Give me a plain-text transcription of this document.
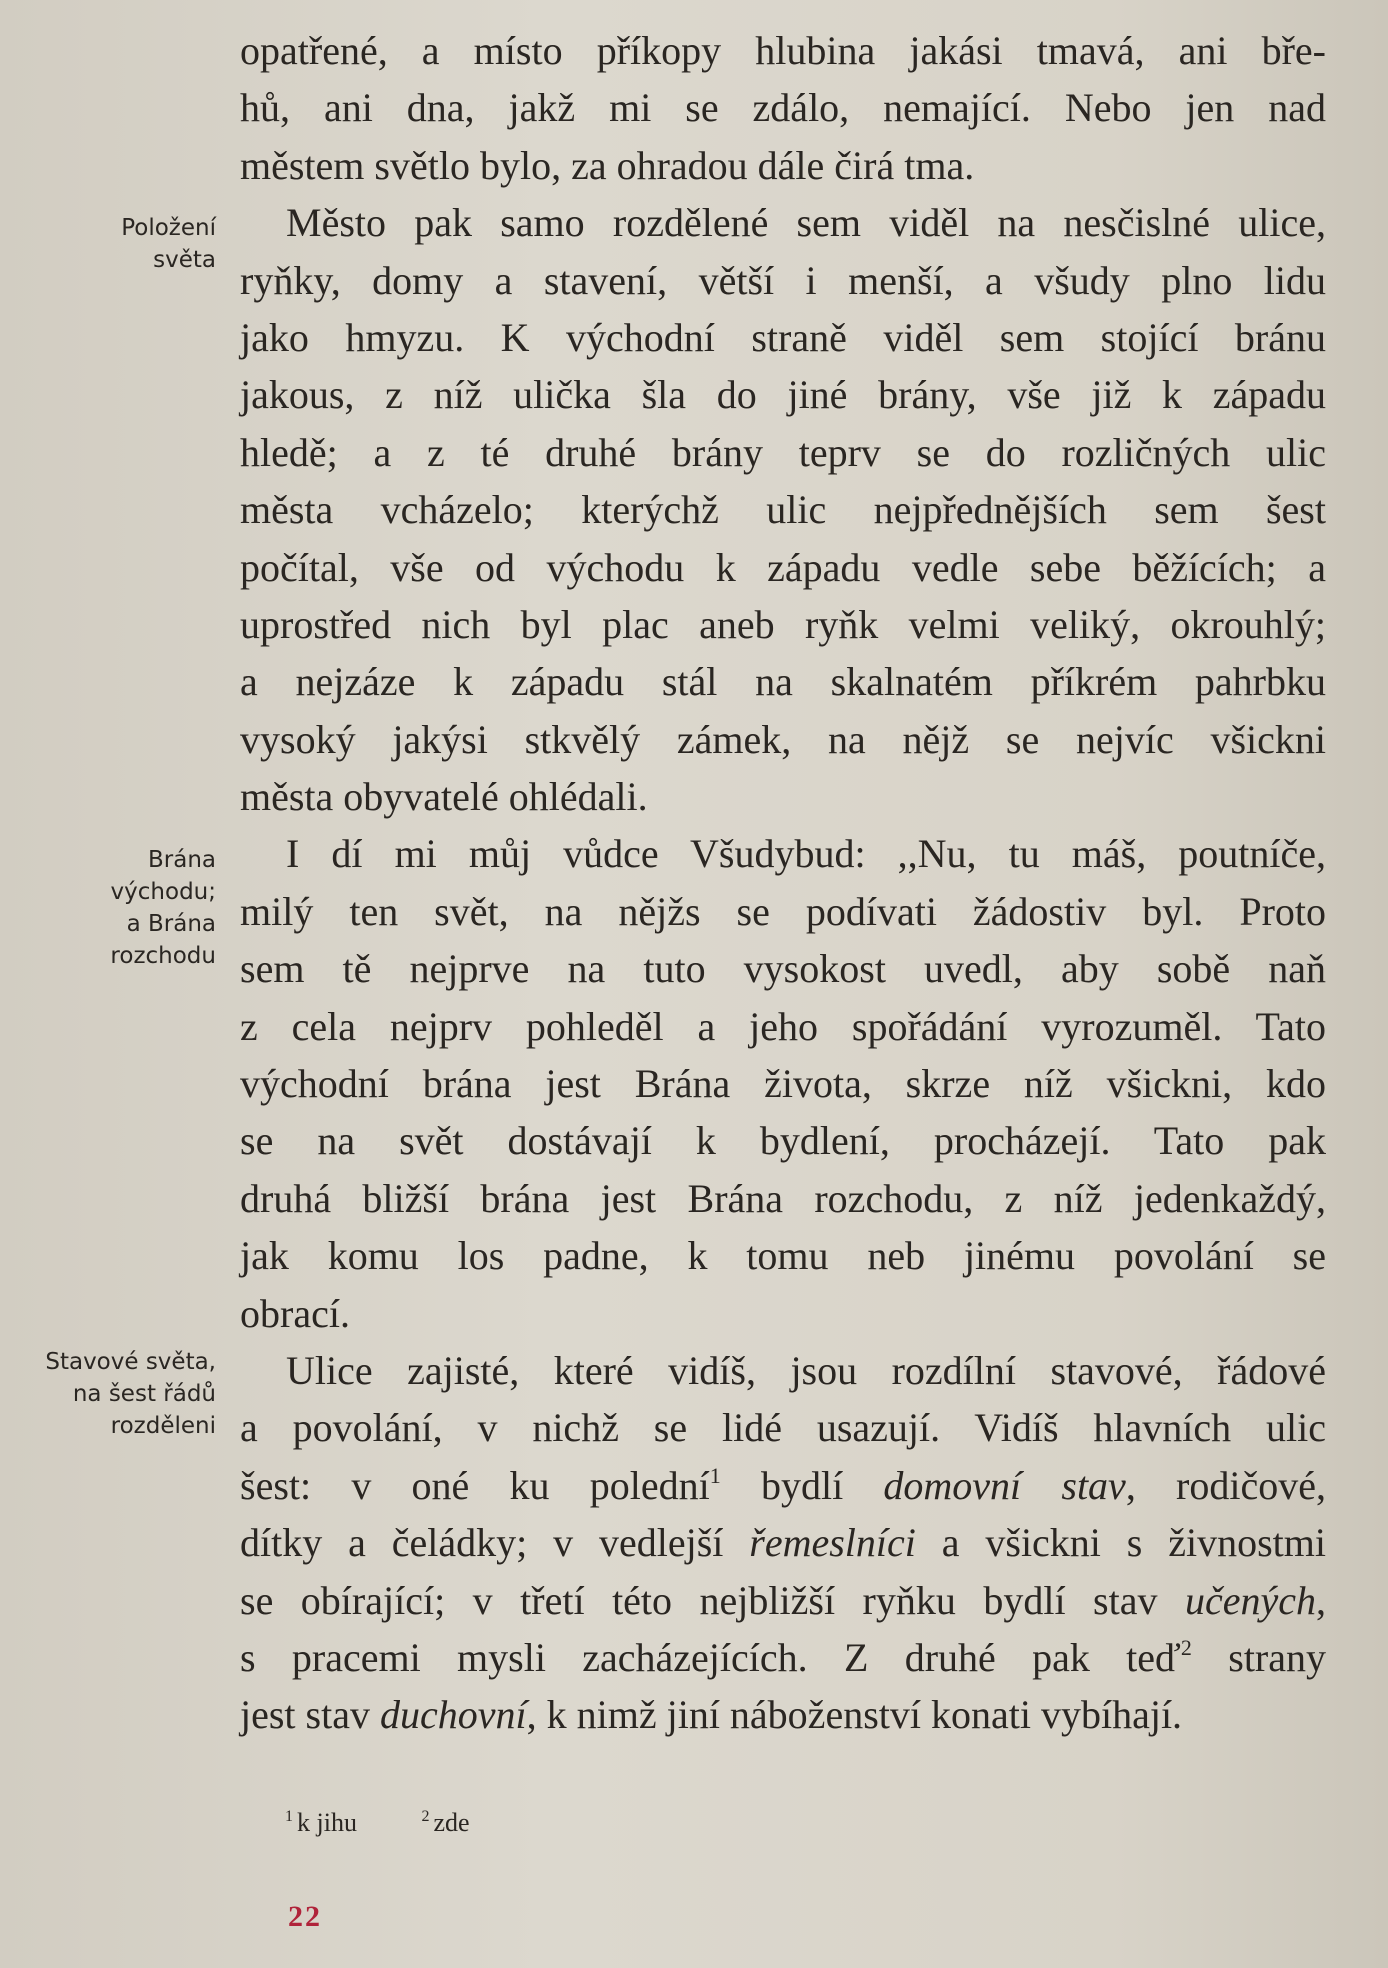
Položení
světa
Brána
východu;
a Brána
rozchodu
Stavové světa,
na šest řádů
rozděleni
opatřené, a místo příkopy hlubina jakási tmavá, ani bře-
hů, ani dna, jakž mi se zdálo, nemající. Nebo jen nad
městem světlo bylo, za ohradou dále čirá tma.
Město pak samo rozdělené sem viděl na nesčislné ulice,
ryňky, domy a stavení, větší i menší, a všudy plno lidu
jako hmyzu. K východní straně viděl sem stojící bránu
jakous, z níž ulička šla do jiné brány, vše již k západu
hledě; a z té druhé brány teprv se do rozličných ulic
města vcházelo; kterýchž ulic nejpřednějších sem šest
počítal, vše od východu k západu vedle sebe běžících; a
uprostřed nich byl plac aneb ryňk velmi veliký, okrouhlý;
a nejzáze k západu stál na skalnatém příkrém pahrbku
vysoký jakýsi stkvělý zámek, na nějž se nejvíc všickni
města obyvatelé ohlédali.
I dí mi můj vůdce Všudybud: ,,Nu, tu máš, poutníče,
milý ten svět, na nějžs se podívati žádostiv byl. Proto
sem tě nejprve na tuto vysokost uvedl, aby sobě naň
z cela nejprv pohleděl a jeho spořádání vyrozuměl. Tato
východní brána jest Brána života, skrze níž všickni, kdo
se na svět dostávají k bydlení, procházejí. Tato pak
druhá bližší brána jest Brána rozchodu, z níž jedenkaždý,
jak komu los padne, k tomu neb jinému povolání se
obrací.
Ulice zajisté, které vidíš, jsou rozdílní stavové, řádové
a povolání, v nichž se lidé usazují. Vidíš hlavních ulic
šest: v oné ku polední$^1$ bydlí domovní stav, rodičové,
dítky a čeládky; v vedlejší řemeslníci a všickni s živnostmi
se obírající; v třetí této nejbližší ryňku bydlí stav učených,
s pracemi mysli zacházejících. Z druhé pak teď$^2$ strany
jest stav duchovní, k nimž jiní náboženství konati vybíhají.
$^1$ k jihu	$^2$ zde
22
